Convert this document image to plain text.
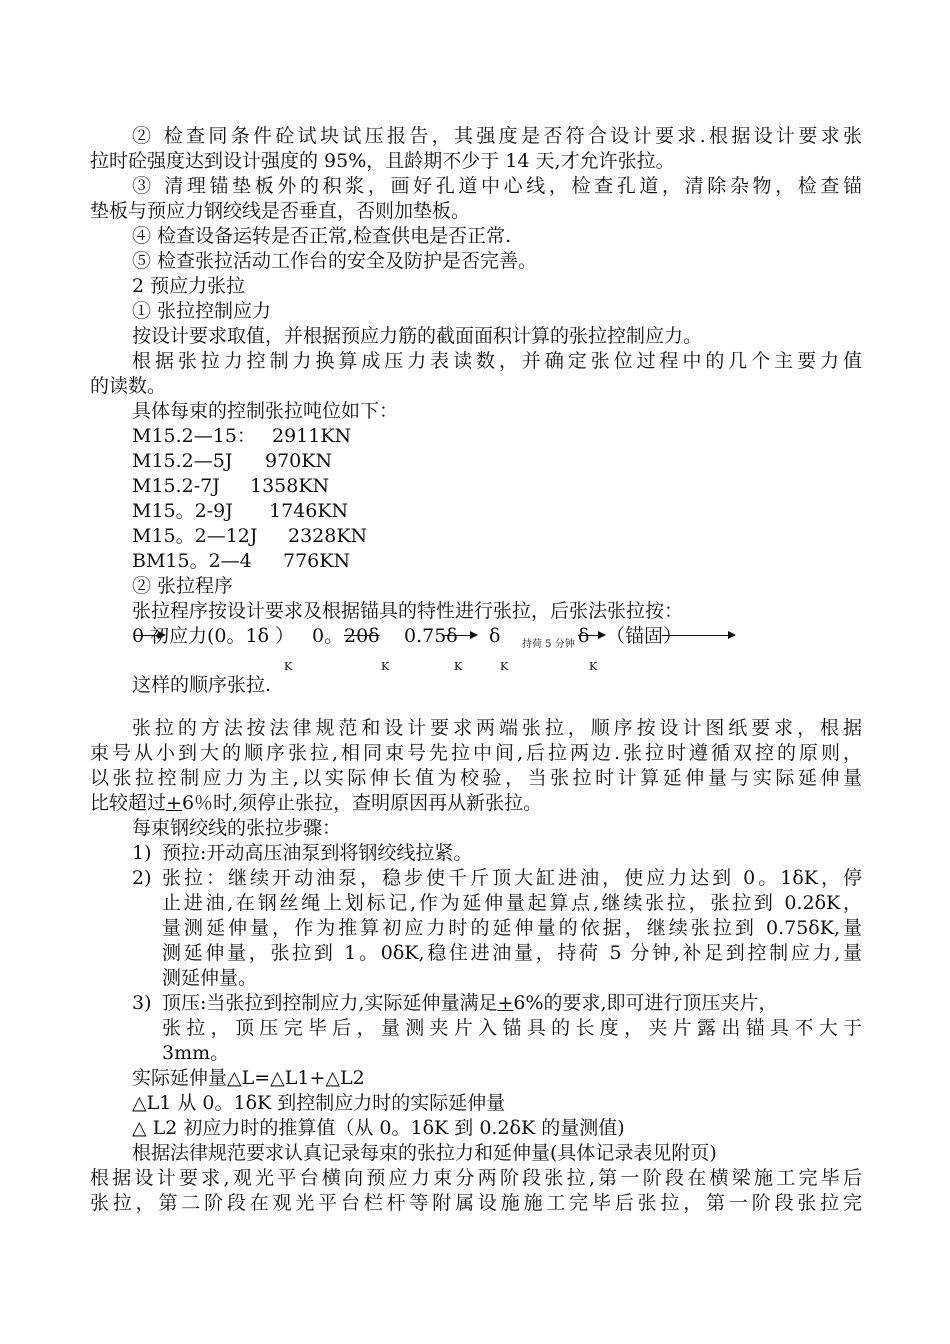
② 检查同条件砼试块试压报告，其强度是否符合设计要求.根据设计要求张
拉时砼强度达到设计强度的 95%，且龄期不少于 14 天,才允许张拉。
③ 清理锚垫板外的积浆，画好孔道中心线，检查孔道，清除杂物，检查锚
垫板与预应力钢绞线是否垂直，否则加垫板。
④ 检查设备运转是否正常,检查供电是否正常.
⑤ 检查张拉活动工作台的安全及防护是否完善。
2 预应力张拉
① 张拉控制应力
按设计要求取值，并根据预应力筋的截面面积计算的张拉控制应力。
根据张拉力控制力换算成压力表读数，并确定张位过程中的几个主要力值
的读数。
具体每束的控制张拉吨位如下：
M15.2—15： 2911KN
M15.2—5J 970KN
M15.2-7J 1358KN
M15。2-9J 1746KN
M15。2—12J 2328KN
BM15。2—4 776KN
② 张拉程序
张拉程序按设计要求及根据锚具的特性进行张拉，后张法张拉按：
0 初应力(0。1δ ） 0。 20δ 0.75δ δ 持荷 5 分钟 δ （锚固）
K	K	K	K	K
这样的顺序张拉.
张拉的方法按法律规范和设计要求两端张拉，顺序按设计图纸要求，根据
束号从小到大的顺序张拉,相同束号先拉中间,后拉两边.张拉时遵循双控的原则，
以张拉控制应力为主,以实际伸长值为校验，当张拉时计算延伸量与实际延伸量
比较超过+6％时,须停止张拉，查明原因再从新张拉。
每束钢绞线的张拉步骤：
1) 预拉:开动高压油泵到将钢绞线拉紧。
2) 张拉：继续开动油泵，稳步使千斤顶大缸进油，使应力达到 0。1δK，停
止进油,在钢丝绳上划标记,作为延伸量起算点,继续张拉，张拉到 0.2δK，
量测延伸量，作为推算初应力时的延伸量的依据，继续张拉到 0.75δK,量
测延伸量，张拉到 1。0δK,稳住进油量，持荷 5 分钟,补足到控制应力,量
测延伸量。
3) 顶压:当张拉到控制应力,实际延伸量满足+6%的要求,即可进行顶压夹片，
张拉，顶压完毕后，量测夹片入锚具的长度，夹片露出锚具不大于
3mm。
实际延伸量△L=△L1+△L2
△L1 从 0。1δK 到控制应力时的实际延伸量
△ L2 初应力时的推算值（从 0。1δK 到 0.2δK 的量测值)
根据法律规范要求认真记录每束的张拉力和延伸量(具体记录表见附页)
根据设计要求,观光平台横向预应力束分两阶段张拉,第一阶段在横梁施工完毕后
张拉，第二阶段在观光平台栏杆等附属设施施工完毕后张拉，第一阶段张拉完
